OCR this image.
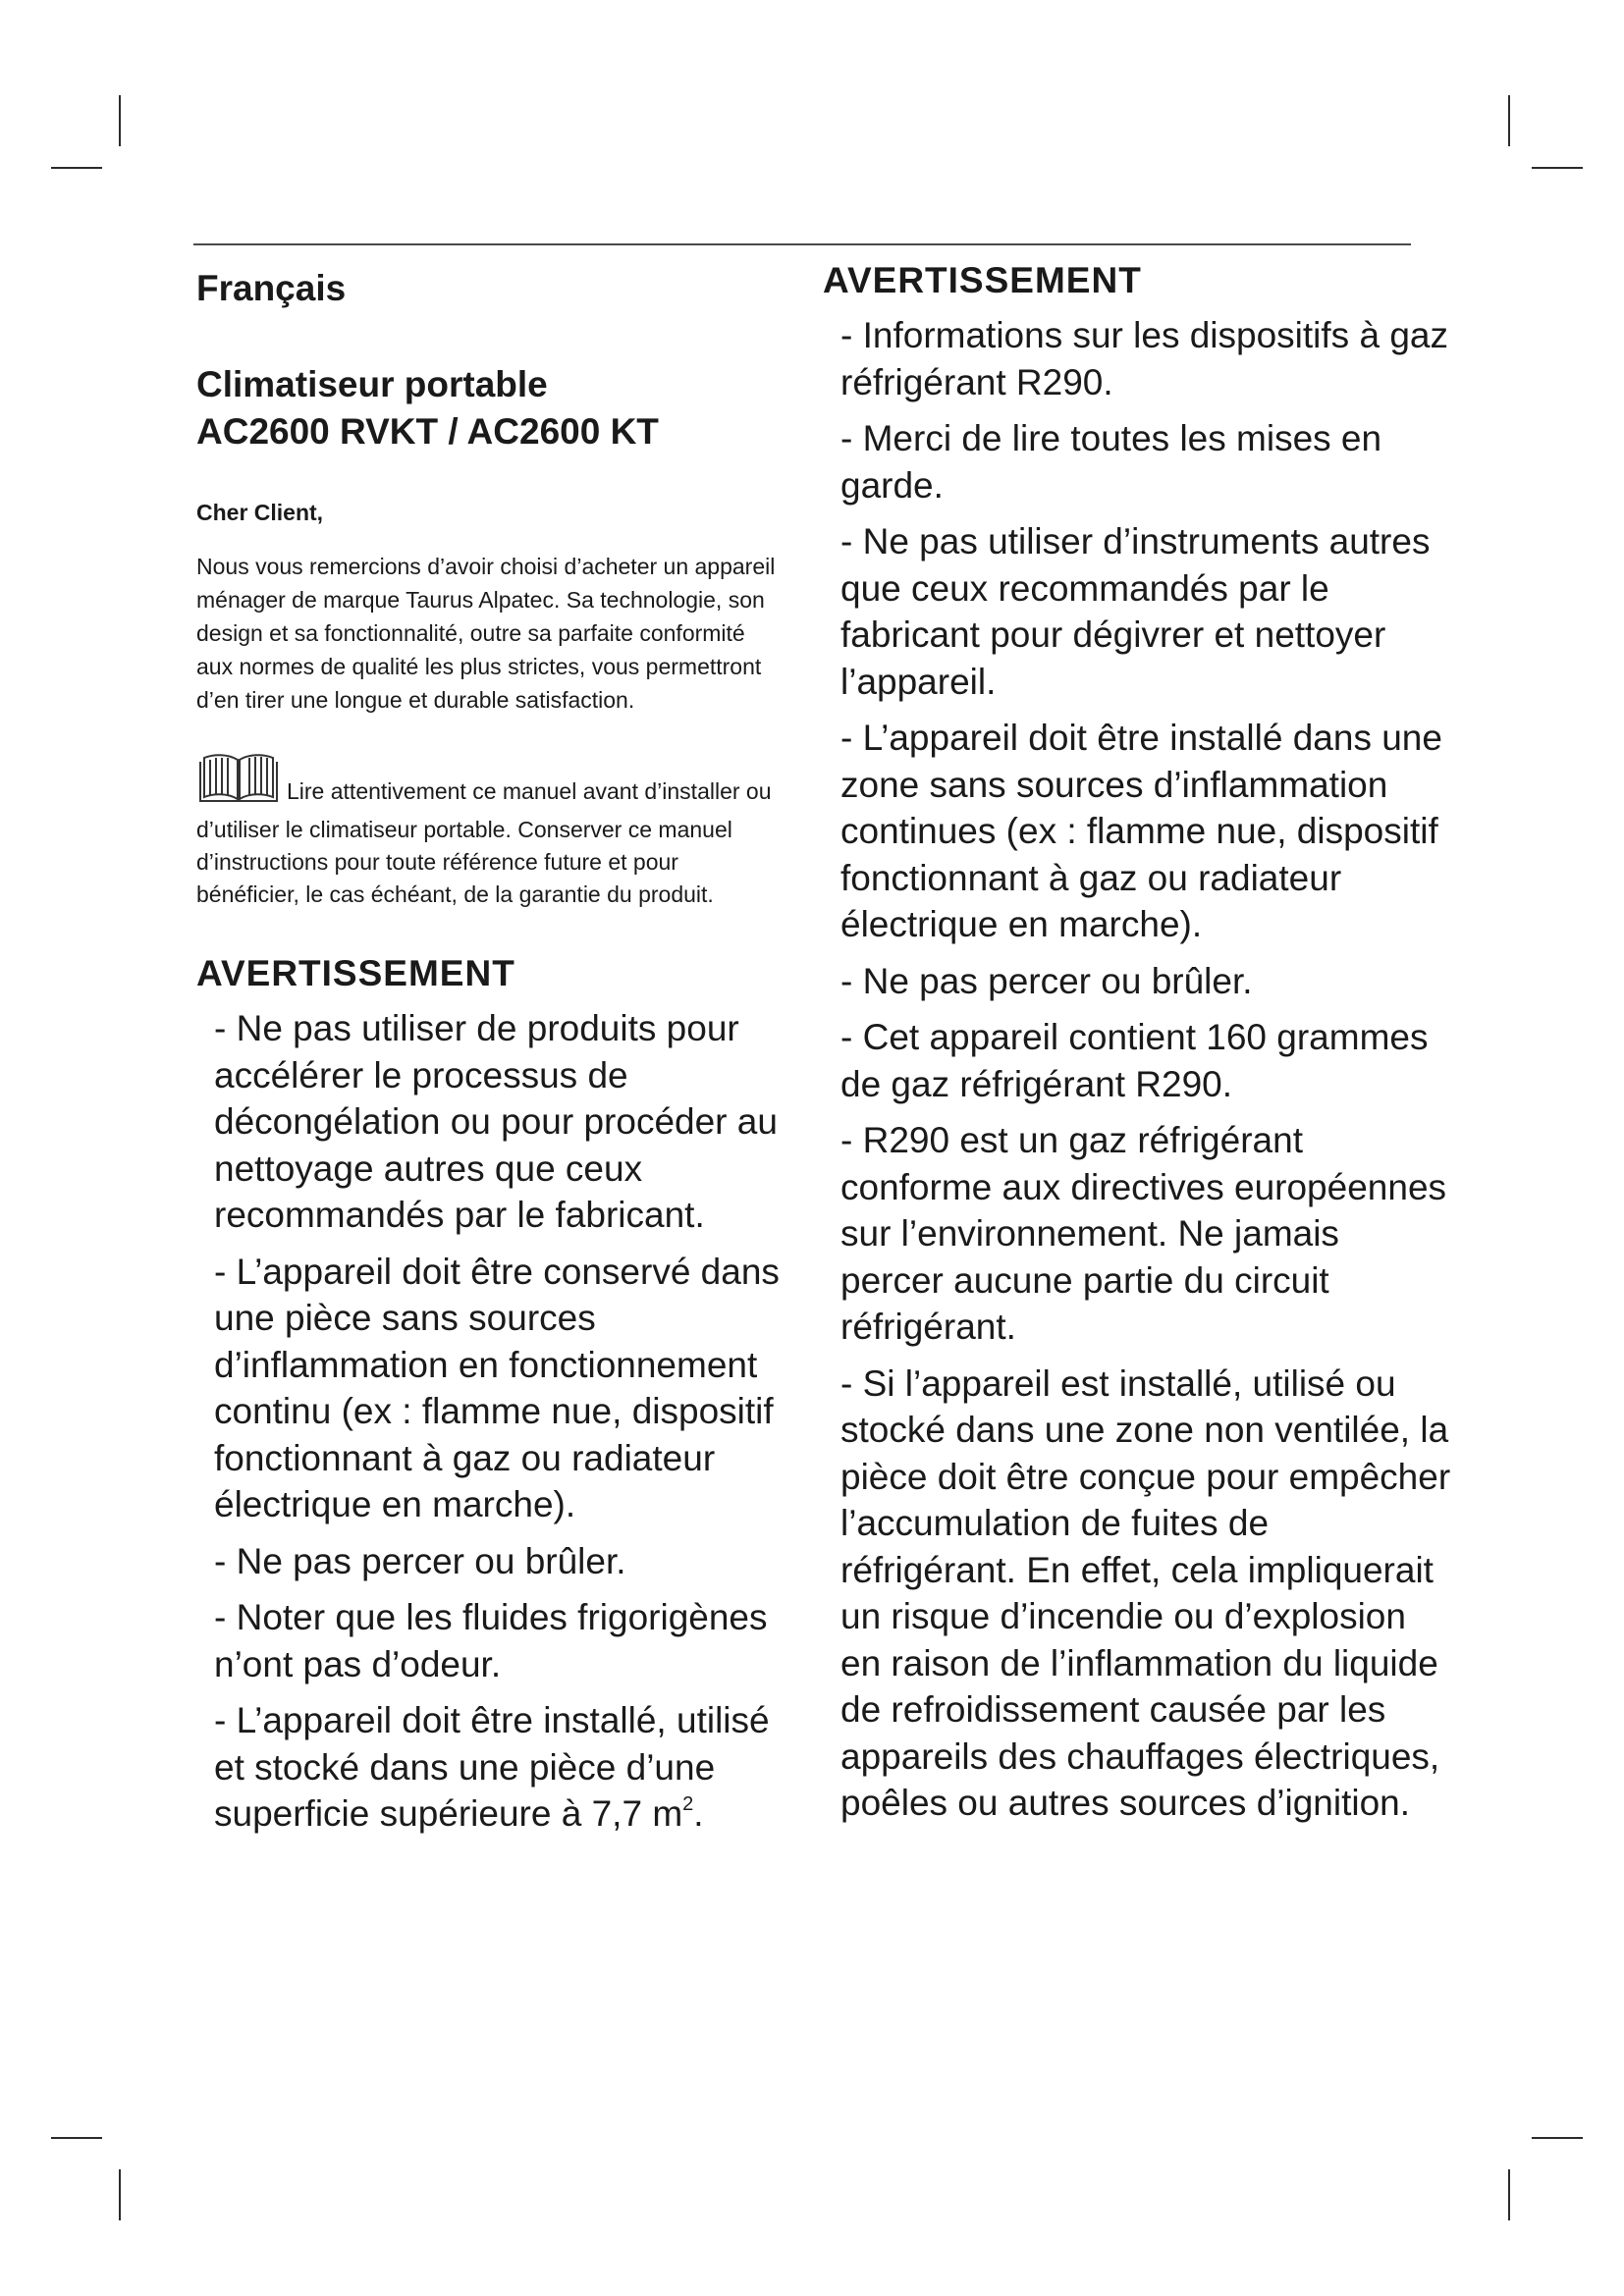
Français
Climatiseur portable
AC2600 RVKT / AC2600 KT

Cher Client,

Nous vous remercions d’avoir choisi d’acheter un appareil ménager de marque Taurus Alpatec. Sa technologie, son design et sa fonctionnalité, outre sa parfaite conformité aux normes de qualité les plus strictes, vous permettront d’en tirer une longue et durable satisfaction.

Lire attentivement ce manuel avant d’installer ou d’utiliser le climatiseur portable. Conserver ce manuel d’instructions pour toute référence future et pour bénéficier, le cas échéant, de la garantie du produit.

AVERTISSEMENT
- Ne pas utiliser de produits pour accélérer le processus de décongélation ou pour procéder au nettoyage autres que ceux recommandés par le fabricant.
- L’appareil doit être conservé dans une pièce sans sources d’inflammation en fonctionnement continu (ex : flamme nue, dispositif fonctionnant à gaz ou radiateur électrique en marche).
- Ne pas percer ou brûler.
- Noter que les fluides frigorigènes n’ont pas d’odeur.
- L’appareil doit être installé, utilisé et stocké dans une pièce d’une superficie supérieure à 7,7 $m^2$.
AVERTISSEMENT
- Informations sur les dispositifs à gaz réfrigérant R290.
- Merci de lire toutes les mises en garde.
- Ne pas utiliser d’instruments autres que ceux recommandés par le fabricant pour dégivrer et nettoyer l’appareil.
- L’appareil doit être installé dans une zone sans sources d’inflammation continues (ex : flamme nue, dispositif fonctionnant à gaz ou radiateur électrique en marche).
- Ne pas percer ou brûler.
- Cet appareil contient 160 grammes de gaz réfrigérant R290.
- R290 est un gaz réfrigérant conforme aux directives européennes sur l’environnement. Ne jamais percer aucune partie du circuit réfrigérant.
- Si l’appareil est installé, utilisé ou stocké dans une zone non ventilée, la pièce doit être conçue pour empêcher l’accumulation de fuites de réfrigérant. En effet, cela impliquerait un risque d’incendie ou d’explosion en raison de l’inflammation du liquide de refroidissement causée par les appareils des chauffages électriques, poêles ou autres sources d’ignition.
